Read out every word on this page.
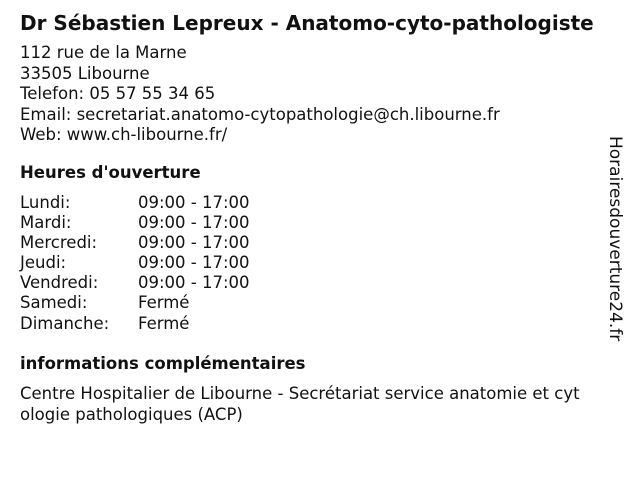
Dr Sébastien Lepreux - Anatomo-cyto-pathologiste
112 rue de la Marne
33505 Libourne
Telefon: 05 57 55 34 65
Email: secretariat.anatomo-cytopathologie@ch.libourne.fr
Web: www.ch-libourne.fr/
Heures d'ouverture
Lundi:	09:00 - 17:00
Mardi:	09:00 - 17:00
Mercredi:	09:00 - 17:00
Jeudi:	09:00 - 17:00
Vendredi:	09:00 - 17:00
Samedi:	Fermé
Dimanche:	Fermé
informations complémentaires
Centre Hospitalier de Libourne - Secrétariat service anatomie et cytologie pathologiques (ACP)
Horairesdouverture24.fr
